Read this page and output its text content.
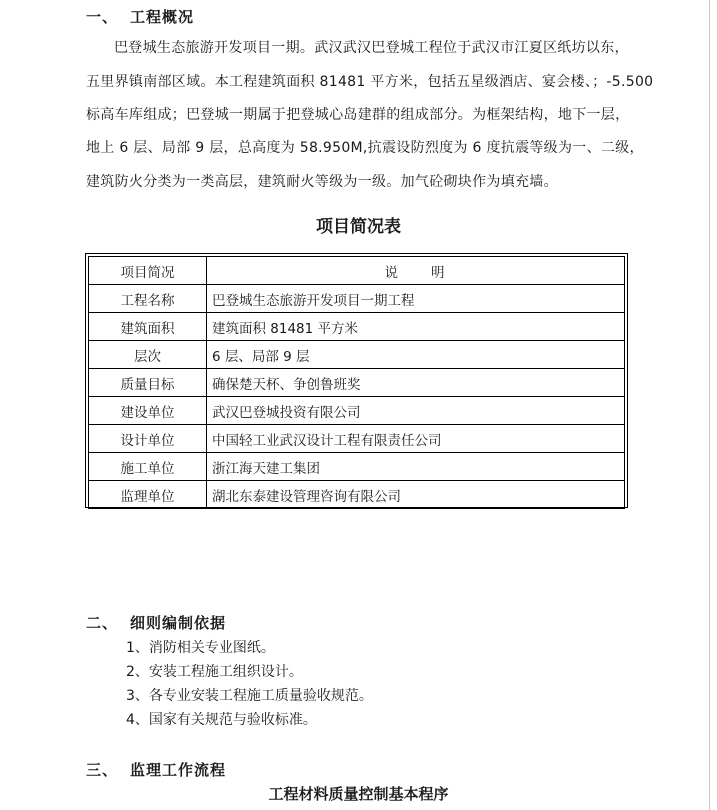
一、 工程概况
巴登城生态旅游开发项目一期。武汉武汉巴登城工程位于武汉市江夏区纸坊以东，
五里界镇南部区域。本工程建筑面积 81481 平方米，包括五星级酒店、宴会楼、；-5.500
标高车库组成；巴登城一期属于把登城心岛建群的组成部分。为框架结构，地下一层，
地上 6 层、局部 9 层，总高度为 58.950M,抗震设防烈度为 6 度抗震等级为一、二级，
建筑防火分类为一类高层，建筑耐火等级为一级。加气砼砌块作为填充墙。
项目简况表
项目简况	说　　明
工程名称	巴登城生态旅游开发项目一期工程
建筑面积	建筑面积 81481 平方米
层次	6 层、局部 9 层
质量目标	确保楚天杯、争创鲁班奖
建设单位	武汉巴登城投资有限公司
设计单位	中国轻工业武汉设计工程有限责任公司
施工单位	浙江海天建工集团
监理单位	湖北东泰建设管理咨询有限公司
二、 细则编制依据
1、消防相关专业图纸。
2、安装工程施工组织设计。
3、各专业安装工程施工质量验收规范。
4、国家有关规范与验收标准。
三、 监理工作流程
工程材料质量控制基本程序
